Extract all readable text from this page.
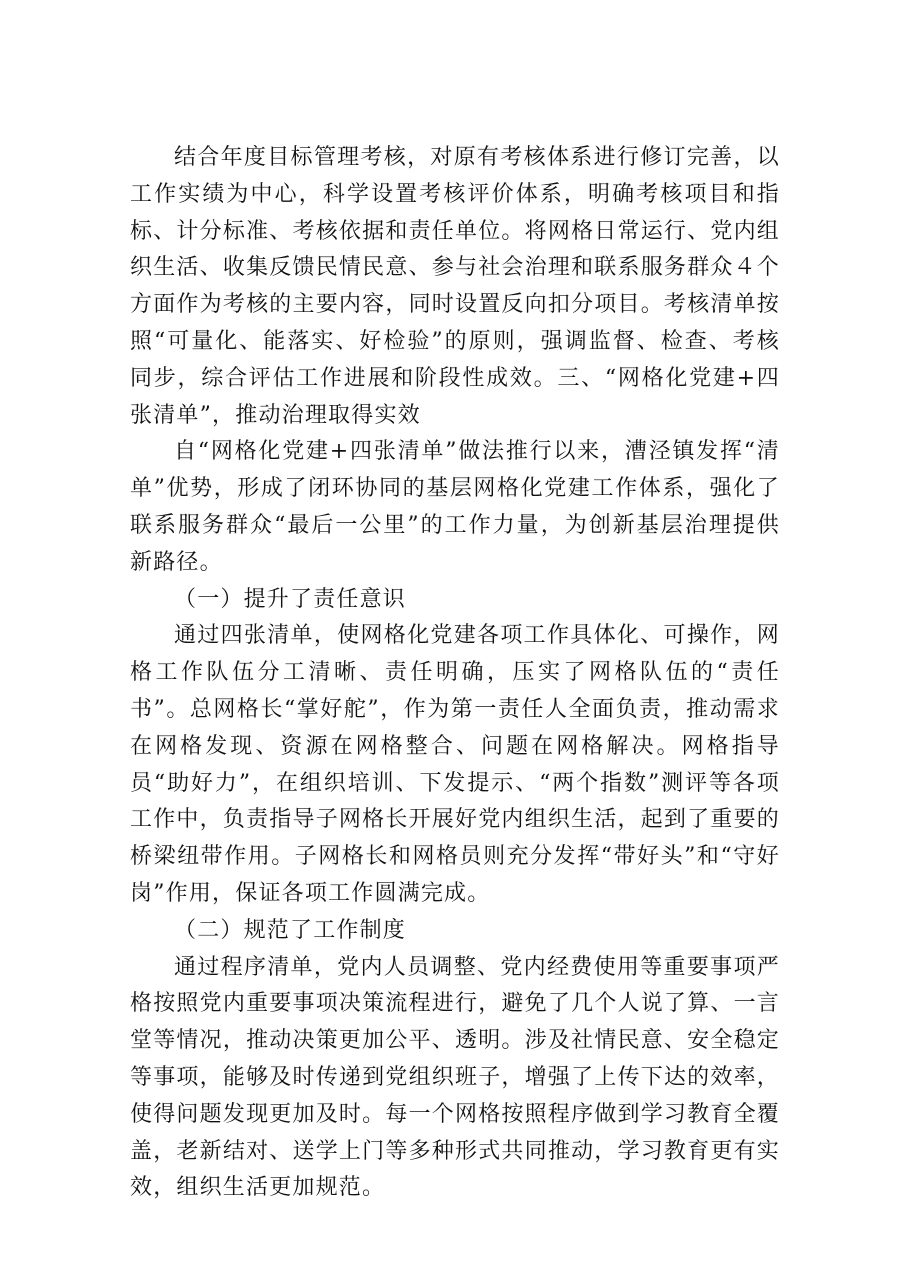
结合年度目标管理考核，对原有考核体系进行修订完善，以工作实绩为中心，科学设置考核评价体系，明确考核项目和指标、计分标准、考核依据和责任单位。将网格日常运行、党内组织生活、收集反馈民情民意、参与社会治理和联系服务群众４个方面作为考核的主要内容，同时设置反向扣分项目。考核清单按照“可量化、能落实、好检验”的原则，强调监督、检查、考核同步，综合评估工作进展和阶段性成效。三、“网格化党建+四张清单”，推动治理取得实效

自“网格化党建+四张清单”做法推行以来，漕泾镇发挥“清单”优势，形成了闭环协同的基层网格化党建工作体系，强化了联系服务群众“最后一公里”的工作力量，为创新基层治理提供新路径。

（一）提升了责任意识

通过四张清单，使网格化党建各项工作具体化、可操作，网格工作队伍分工清晰、责任明确，压实了网格队伍的“责任书”。总网格长“掌好舵”，作为第一责任人全面负责，推动需求在网格发现、资源在网格整合、问题在网格解决。网格指导员“助好力”，在组织培训、下发提示、“两个指数”测评等各项工作中，负责指导子网格长开展好党内组织生活，起到了重要的桥梁纽带作用。子网格长和网格员则充分发挥“带好头”和“守好岗”作用，保证各项工作圆满完成。

（二）规范了工作制度

通过程序清单，党内人员调整、党内经费使用等重要事项严格按照党内重要事项决策流程进行，避免了几个人说了算、一言堂等情况，推动决策更加公平、透明。涉及社情民意、安全稳定等事项，能够及时传递到党组织班子，增强了上传下达的效率，使得问题发现更加及时。每一个网格按照程序做到学习教育全覆盖，老新结对、送学上门等多种形式共同推动，学习教育更有实效，组织生活更加规范。
